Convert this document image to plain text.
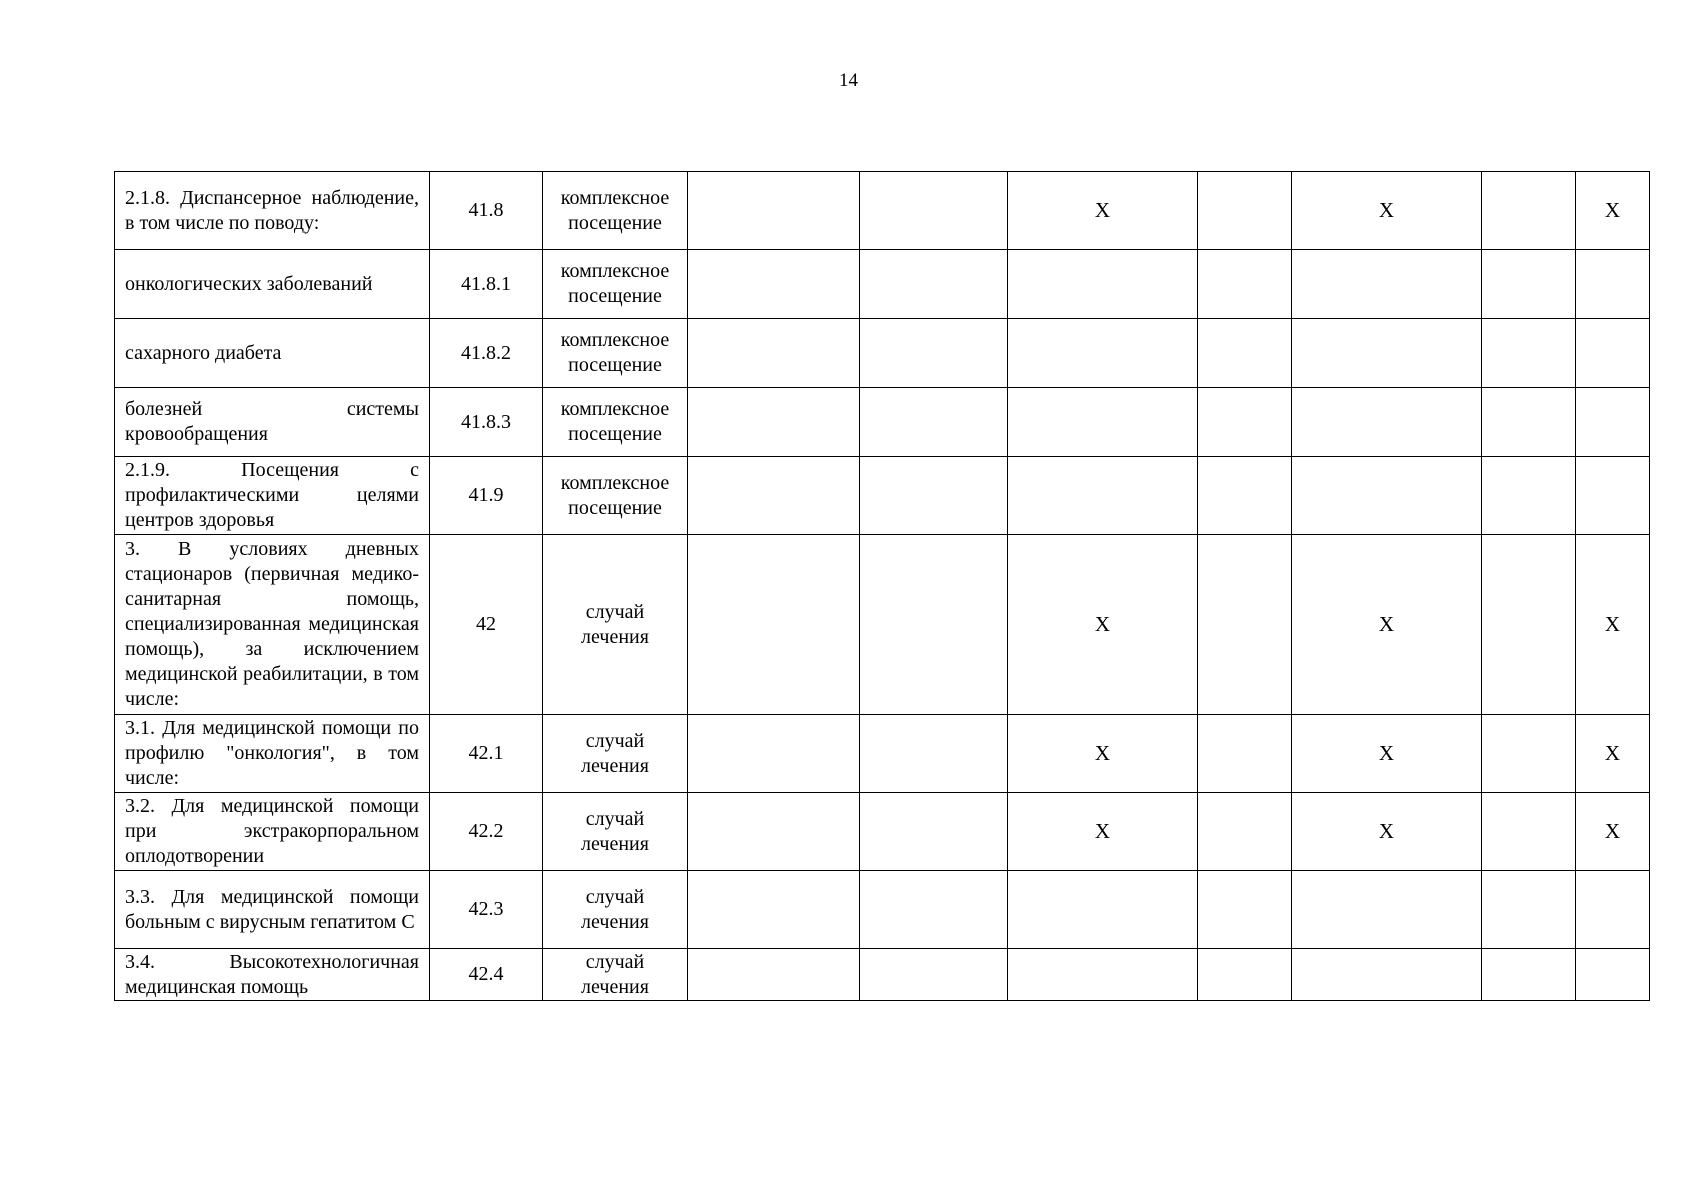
14
2.1.8. Диспансерное наблюдение, в том числе по поводу:	41.8	комплексное посещение			Х		Х		Х
онкологических заболеваний	41.8.1	комплексное посещение							
сахарного диабета	41.8.2	комплексное посещение							
болезней системы кровообращения	41.8.3	комплексное посещение							
2.1.9. Посещения с профилактическими целями центров здоровья	41.9	комплексное посещение							
3. В условиях дневных стационаров (первичная медико-санитарная помощь, специализированная медицинская помощь), за исключением медицинской реабилитации, в том числе:	42	случай лечения			Х		Х		Х
3.1. Для медицинской помощи по профилю "онкология", в том числе:	42.1	случай лечения			Х		Х		Х
3.2. Для медицинской помощи при экстракорпоральном оплодотворении	42.2	случай лечения			Х		Х		Х
3.3. Для медицинской помощи больным с вирусным гепатитом С	42.3	случай лечения							
3.4. Высокотехнологичная медицинская помощь	42.4	случай лечения							
